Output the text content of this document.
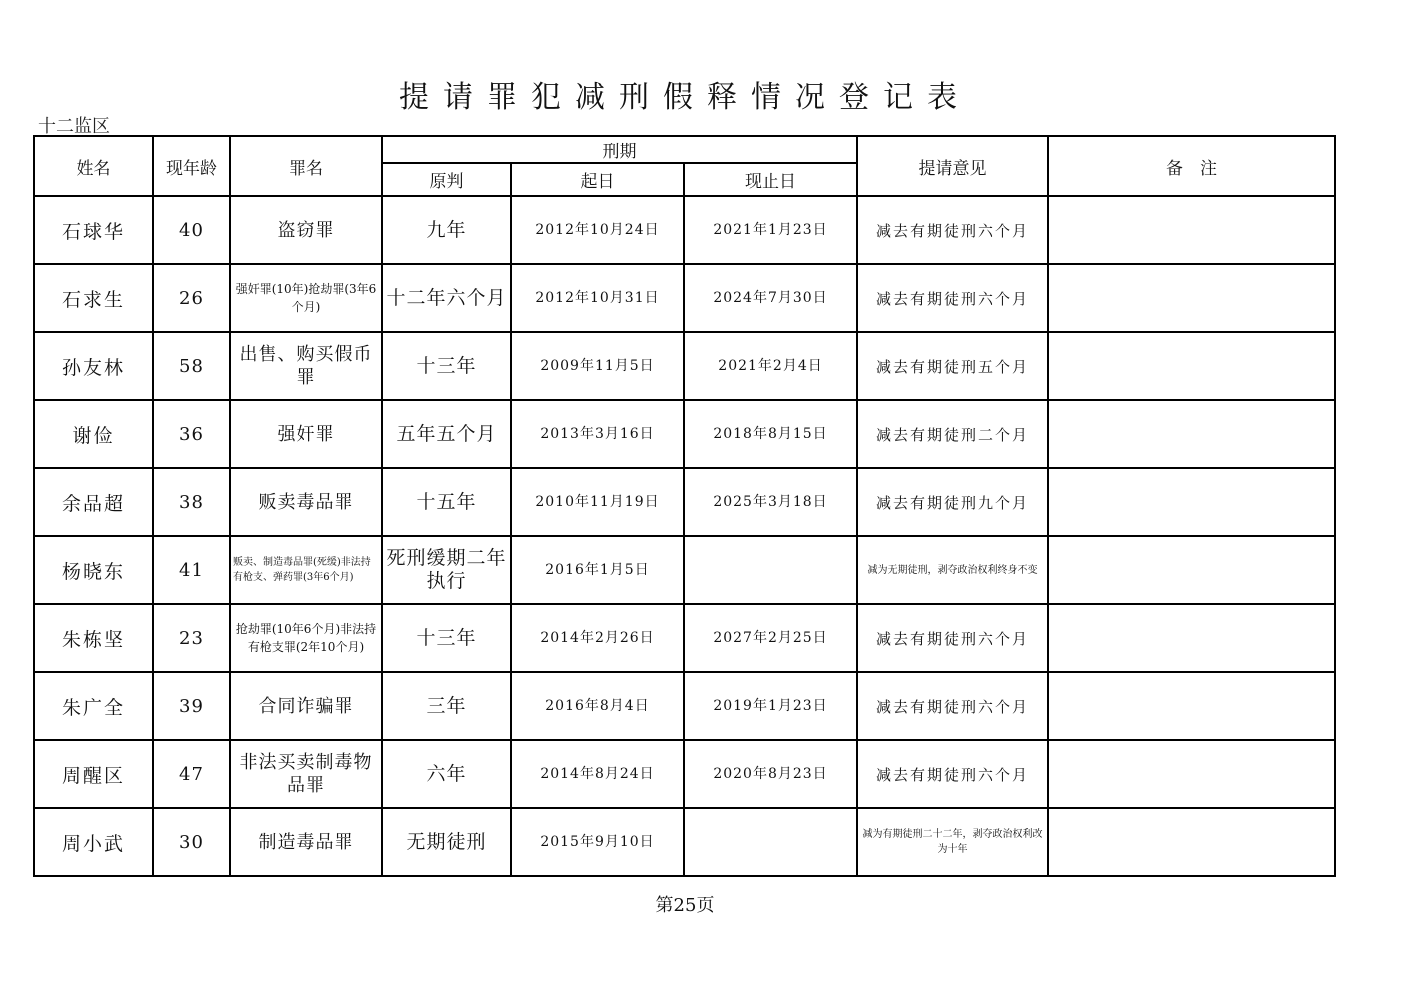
提请罪犯减刑假释情况登记表
十二监区
姓名	现年龄	罪名	刑期			提请意见	备　注
			原判	起日	现止日		
石球华	40	盗窃罪	九年	2012年10月24日	2021年1月23日	减去有期徒刑六个月	
石求生	26	强奸罪(10年)抢劫罪(3年6个月)	十二年六个月	2012年10月31日	2024年7月30日	减去有期徒刑六个月	
孙友林	58	出售、购买假币罪	十三年	2009年11月5日	2021年2月4日	减去有期徒刑五个月	
谢俭	36	强奸罪	五年五个月	2013年3月16日	2018年8月15日	减去有期徒刑二个月	
余品超	38	贩卖毒品罪	十五年	2010年11月19日	2025年3月18日	减去有期徒刑九个月	
杨晓东	41	贩卖、制造毒品罪(死缓)非法持有枪支、弹药罪(3年6个月)	死刑缓期二年执行	2016年1月5日		减为无期徒刑，剥夺政治权利终身不变	
朱栋坚	23	抢劫罪(10年6个月)非法持有枪支罪(2年10个月)	十三年	2014年2月26日	2027年2月25日	减去有期徒刑六个月	
朱广全	39	合同诈骗罪	三年	2016年8月4日	2019年1月23日	减去有期徒刑六个月	
周醒区	47	非法买卖制毒物品罪	六年	2014年8月24日	2020年8月23日	减去有期徒刑六个月	
周小武	30	制造毒品罪	无期徒刑	2015年9月10日		减为有期徒刑二十二年，剥夺政治权利改为十年	
第25页
